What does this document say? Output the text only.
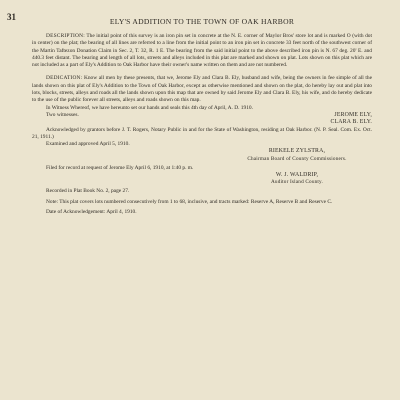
31	ELY'S ADDITION TO THE TOWN OF OAK HARBOR

DESCRIPTION: The initial point of this survey is an iron pin set in concrete at the N. E. corner of Maylor Bros' store lot and is marked O (with dot in center) on the plat; the bearing of all lines are referred to a line from the initial point to an iron pin set in concrete 33 feet north of the southwest corner of the Martin Taftezon Donation Claim in Sec. 2, T. 32, R. 1 E. The bearing from the said initial point to the above described iron pin is N. 67 deg. 20' E. and 440.3 feet distant. The bearing and length of all lots, streets and alleys included in this plat are marked and shown on plat. Lots shown on this plat which are not included as a part of Ely's Addition to Oak Harbor have their owner's name written on them and are not numbered.

DEDICATION: Know all men by these presents, that we, Jerome Ely and Clara B. Ely, husband and wife, being the owners in fee simple of all the lands shown on this plat of Ely's Addition to the Town of Oak Harbor, except as otherwise mentioned and shown on the plat, do hereby lay out and plat into lots, blocks, streets, alleys and roads all the lands shown upon this map that are owned by said Jerome Ely and Clara B. Ely, his wife, and do hereby dedicate to the use of the public forever all streets, alleys and roads shown on this map.

In Witness Whereof, we have hereunto set our hands and seals this 4th day of April, A. D. 1910.

Two witnesses.	JEROME ELY,
CLARA B. ELY.

Acknowledged by grantors before J. T. Rogers, Notary Public in and for the State of Washington, residing at Oak Harbor. (N. P. Seal. Com. Ex. Oct. 21, 1911.)

Examined and approved April 5, 1910.

RIEKELE ZYLSTRA,
Chairman Board of County Commissioners.
Filed for record at request of Jerome Ely April 6, 1910, at 1:40 p. m.
W. J. WALDRIP,
Auditor Island County.

Recorded in Plat Book No. 2, page 27.

Note: This plat covers lots numbered consecutively from 1 to 68, inclusive, and tracts marked: Reserve A, Reserve B and Reserve C.

Date of Acknowledgement: April 4, 1910.
